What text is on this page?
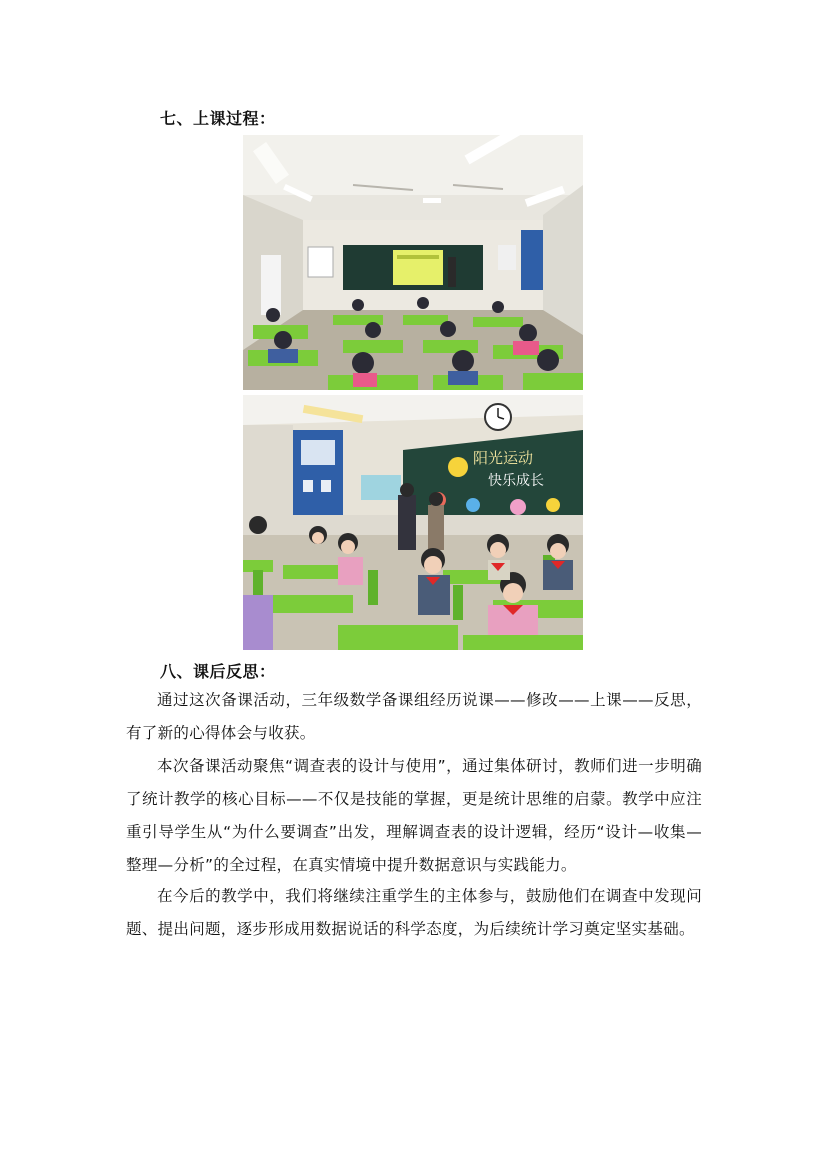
七、上课过程：
阳光运动
快乐成长
八、课后反思：

通过这次备课活动，三年级数学备课组经历说课——修改——上课——反思，有了新的心得体会与收获。

本次备课活动聚焦“调查表的设计与使用”，通过集体研讨，教师们进一步明确了统计教学的核心目标——不仅是技能的掌握，更是统计思维的启蒙。教学中应注重引导学生从“为什么要调查”出发，理解调查表的设计逻辑，经历“设计—收集—整理—分析”的全过程，在真实情境中提升数据意识与实践能力。

在今后的教学中，我们将继续注重学生的主体参与，鼓励他们在调查中发现问题、提出问题，逐步形成用数据说话的科学态度，为后续统计学习奠定坚实基础。
